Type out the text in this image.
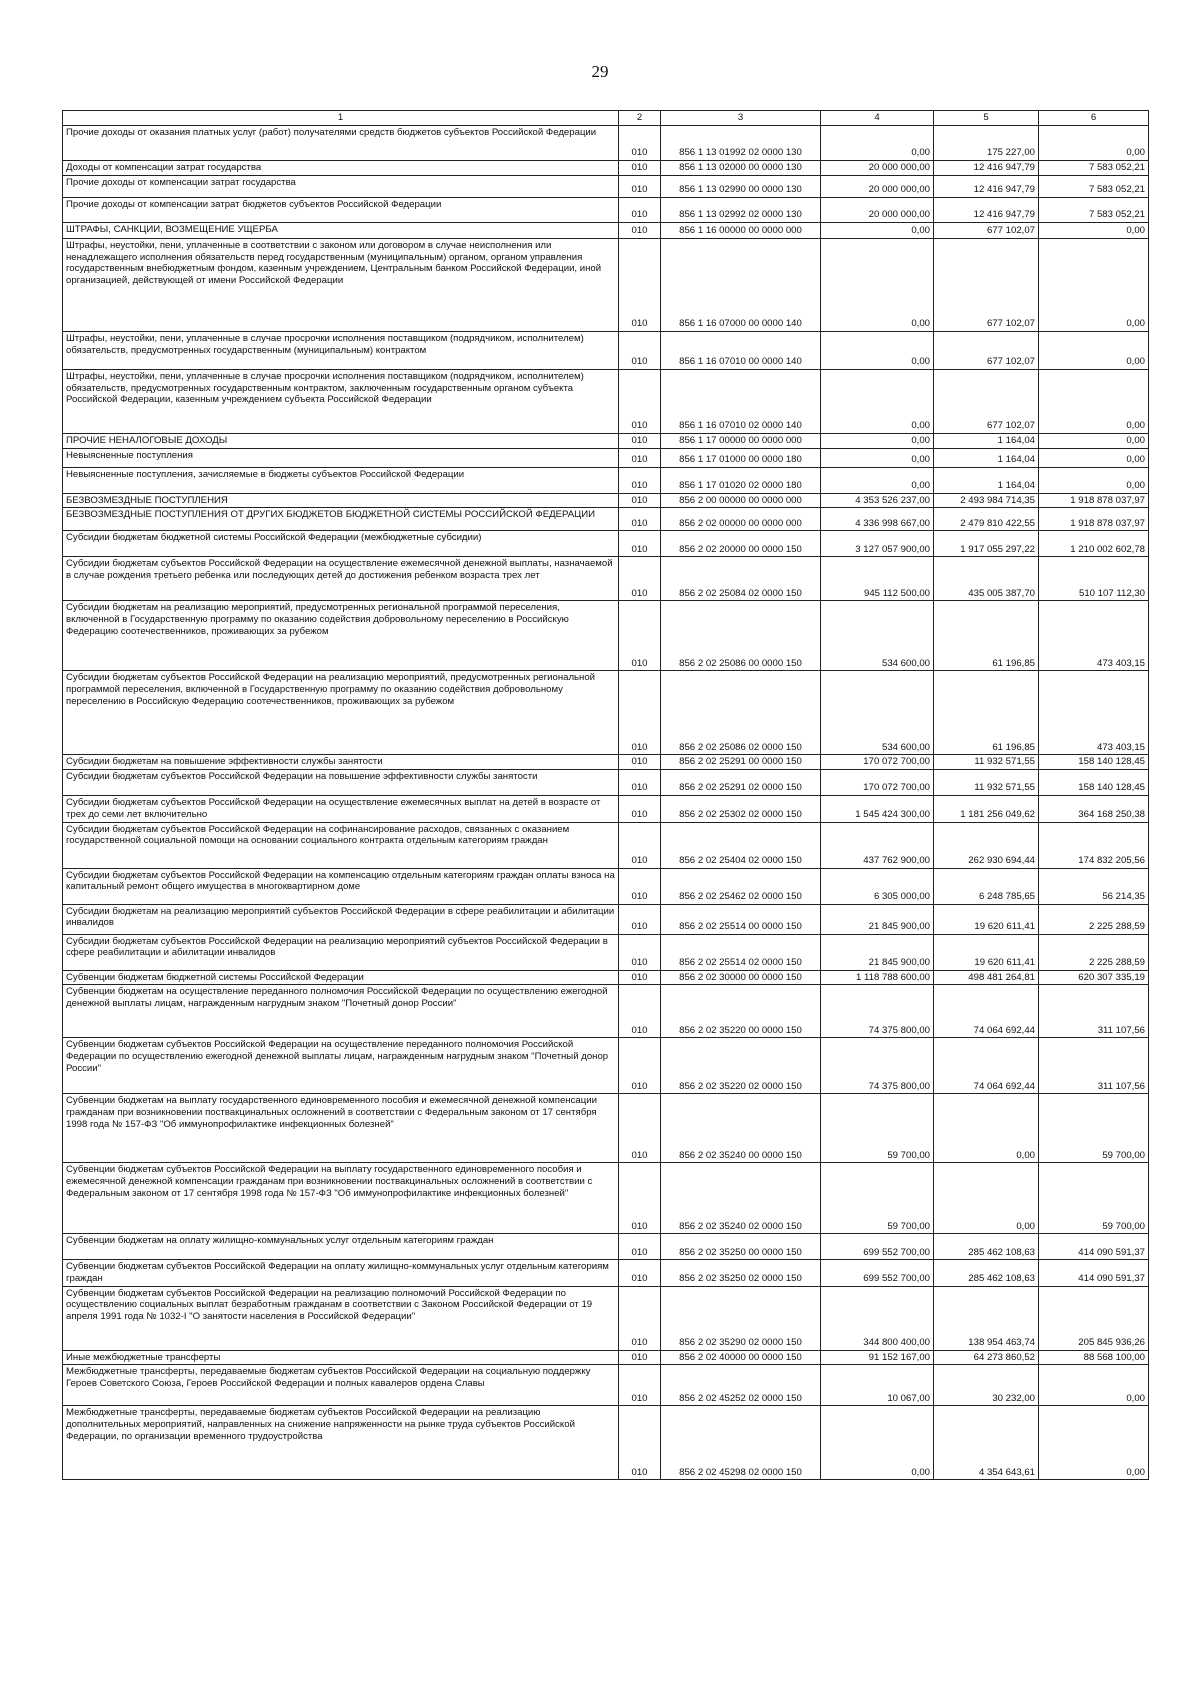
29
1	2	3	4	5	6
Прочие доходы от оказания платных услуг (работ) получателями средств бюджетов субъектов Российской Федерации	010	856 1 13 01992 02 0000 130	0,00	175 227,00	0,00
Доходы от компенсации затрат государства	010	856 1 13 02000 00 0000 130	20 000 000,00	12 416 947,79	7 583 052,21
Прочие доходы от компенсации затрат государства	010	856 1 13 02990 00 0000 130	20 000 000,00	12 416 947,79	7 583 052,21
Прочие доходы от компенсации затрат бюджетов субъектов Российской Федерации	010	856 1 13 02992 02 0000 130	20 000 000,00	12 416 947,79	7 583 052,21
ШТРАФЫ, САНКЦИИ, ВОЗМЕЩЕНИЕ УЩЕРБА	010	856 1 16 00000 00 0000 000	0,00	677 102,07	0,00
Штрафы, неустойки, пени, уплаченные в соответствии с законом или договором в случае неисполнения или ненадлежащего исполнения обязательств перед государственным (муниципальным) органом, органом управления государственным внебюджетным фондом, казенным учреждением, Центральным банком Российской Федерации, иной организацией, действующей от имени Российской Федерации	010	856 1 16 07000 00 0000 140	0,00	677 102,07	0,00
Штрафы, неустойки, пени, уплаченные в случае просрочки исполнения поставщиком (подрядчиком, исполнителем) обязательств, предусмотренных государственным (муниципальным) контрактом	010	856 1 16 07010 00 0000 140	0,00	677 102,07	0,00
Штрафы, неустойки, пени, уплаченные в случае просрочки исполнения поставщиком (подрядчиком, исполнителем) обязательств, предусмотренных государственным контрактом, заключенным государственным органом субъекта Российской Федерации, казенным учреждением субъекта Российской Федерации	010	856 1 16 07010 02 0000 140	0,00	677 102,07	0,00
ПРОЧИЕ НЕНАЛОГОВЫЕ ДОХОДЫ	010	856 1 17 00000 00 0000 000	0,00	1 164,04	0,00
Невыясненные поступления	010	856 1 17 01000 00 0000 180	0,00	1 164,04	0,00
Невыясненные поступления, зачисляемые в бюджеты субъектов Российской Федерации	010	856 1 17 01020 02 0000 180	0,00	1 164,04	0,00
БЕЗВОЗМЕЗДНЫЕ ПОСТУПЛЕНИЯ	010	856 2 00 00000 00 0000 000	4 353 526 237,00	2 493 984 714,35	1 918 878 037,97
БЕЗВОЗМЕЗДНЫЕ ПОСТУПЛЕНИЯ ОТ ДРУГИХ БЮДЖЕТОВ БЮДЖЕТНОЙ СИСТЕМЫ РОССИЙСКОЙ ФЕДЕРАЦИИ	010	856 2 02 00000 00 0000 000	4 336 998 667,00	2 479 810 422,55	1 918 878 037,97
Субсидии бюджетам бюджетной системы Российской Федерации (межбюджетные субсидии)	010	856 2 02 20000 00 0000 150	3 127 057 900,00	1 917 055 297,22	1 210 002 602,78
Субсидии бюджетам субъектов Российской Федерации на осуществление ежемесячной денежной выплаты, назначаемой в случае рождения третьего ребенка или последующих детей до достижения ребенком возраста трех лет	010	856 2 02 25084 02 0000 150	945 112 500,00	435 005 387,70	510 107 112,30
Субсидии бюджетам на реализацию мероприятий, предусмотренных региональной программой переселения, включенной в Государственную программу по оказанию содействия добровольному переселению в Российскую Федерацию соотечественников, проживающих за рубежом	010	856 2 02 25086 00 0000 150	534 600,00	61 196,85	473 403,15
Субсидии бюджетам субъектов Российской Федерации на реализацию мероприятий, предусмотренных региональной программой переселения, включенной в Государственную программу по оказанию содействия добровольному переселению в Российскую Федерацию соотечественников, проживающих за рубежом	010	856 2 02 25086 02 0000 150	534 600,00	61 196,85	473 403,15
Субсидии бюджетам на повышение эффективности службы занятости	010	856 2 02 25291 00 0000 150	170 072 700,00	11 932 571,55	158 140 128,45
Субсидии бюджетам субъектов Российской Федерации на повышение эффективности службы занятости	010	856 2 02 25291 02 0000 150	170 072 700,00	11 932 571,55	158 140 128,45
Субсидии бюджетам субъектов Российской Федерации на осуществление ежемесячных выплат на детей в возрасте от трех до семи лет включительно	010	856 2 02 25302 02 0000 150	1 545 424 300,00	1 181 256 049,62	364 168 250,38
Субсидии бюджетам субъектов Российской Федерации на софинансирование расходов, связанных с оказанием государственной социальной помощи на основании социального контракта отдельным категориям граждан	010	856 2 02 25404 02 0000 150	437 762 900,00	262 930 694,44	174 832 205,56
Субсидии бюджетам субъектов Российской Федерации на компенсацию отдельным категориям граждан оплаты взноса на капитальный ремонт общего имущества в многоквартирном доме	010	856 2 02 25462 02 0000 150	6 305 000,00	6 248 785,65	56 214,35
Субсидии бюджетам на реализацию мероприятий субъектов Российской Федерации в сфере реабилитации и абилитации инвалидов	010	856 2 02 25514 00 0000 150	21 845 900,00	19 620 611,41	2 225 288,59
Субсидии бюджетам субъектов Российской Федерации на реализацию мероприятий субъектов Российской Федерации в сфере реабилитации и абилитации инвалидов	010	856 2 02 25514 02 0000 150	21 845 900,00	19 620 611,41	2 225 288,59
Субвенции бюджетам бюджетной системы Российской Федерации	010	856 2 02 30000 00 0000 150	1 118 788 600,00	498 481 264,81	620 307 335,19
Субвенции бюджетам на осуществление переданного полномочия Российской Федерации по осуществлению ежегодной денежной выплаты лицам, награжденным нагрудным знаком "Почетный донор России"	010	856 2 02 35220 00 0000 150	74 375 800,00	74 064 692,44	311 107,56
Субвенции бюджетам субъектов Российской Федерации на осуществление переданного полномочия Российской Федерации по осуществлению ежегодной денежной выплаты лицам, награжденным нагрудным знаком "Почетный донор России"	010	856 2 02 35220 02 0000 150	74 375 800,00	74 064 692,44	311 107,56
Субвенции бюджетам на выплату государственного единовременного пособия и ежемесячной денежной компенсации гражданам при возникновении поствакцинальных осложнений в соответствии с Федеральным законом от 17 сентября 1998 года № 157-ФЗ "Об иммунопрофилактике инфекционных болезней"	010	856 2 02 35240 00 0000 150	59 700,00	0,00	59 700,00
Субвенции бюджетам субъектов Российской Федерации на выплату государственного единовременного пособия и ежемесячной денежной компенсации гражданам при возникновении поствакцинальных осложнений в соответствии с Федеральным законом от 17 сентября 1998 года № 157-ФЗ "Об иммунопрофилактике инфекционных болезней"	010	856 2 02 35240 02 0000 150	59 700,00	0,00	59 700,00
Субвенции бюджетам на оплату жилищно-коммунальных услуг отдельным категориям граждан	010	856 2 02 35250 00 0000 150	699 552 700,00	285 462 108,63	414 090 591,37
Субвенции бюджетам субъектов Российской Федерации на оплату жилищно-коммунальных услуг отдельным категориям граждан	010	856 2 02 35250 02 0000 150	699 552 700,00	285 462 108,63	414 090 591,37
Субвенции бюджетам субъектов Российской Федерации на реализацию полномочий Российской Федерации по осуществлению социальных выплат безработным гражданам в соответствии с Законом Российской Федерации от 19 апреля 1991 года № 1032-I "О занятости населения в Российской Федерации"	010	856 2 02 35290 02 0000 150	344 800 400,00	138 954 463,74	205 845 936,26
Иные межбюджетные трансферты	010	856 2 02 40000 00 0000 150	91 152 167,00	64 273 860,52	88 568 100,00
Межбюджетные трансферты, передаваемые бюджетам субъектов Российской Федерации на социальную поддержку Героев Советского Союза, Героев Российской Федерации и полных кавалеров ордена Славы	010	856 2 02 45252 02 0000 150	10 067,00	30 232,00	0,00
Межбюджетные трансферты, передаваемые бюджетам субъектов Российской Федерации на реализацию дополнительных мероприятий, направленных на снижение напряженности на рынке труда субъектов Российской Федерации, по организации временного трудоустройства	010	856 2 02 45298 02 0000 150	0,00	4 354 643,61	0,00
